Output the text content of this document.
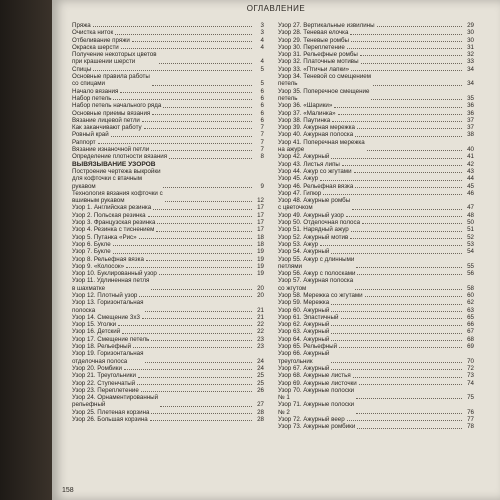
ОГЛАВЛЕНИЕ
Пряжа	3
Очистка ниток	3
Отбеливание пряжи	4
Окраска шерсти	4
Получение некоторых цветов
при крашении шерсти	4
Спицы	5
Основные правила работы
со спицами	5
Начало вязания	6
Набор петель	6
Набор петель начального ряда	6
Основные приемы вязания	6
Вязание лицевой петли	6
Как заканчивают работу	7
Ровный край	7
Раппорт	7
Вязание изнаночной петли	7
Определение плотности вязания	8
ВЫВЯЗЫВАНИЕ УЗОРОВ
Построение чертежа выкройки
для кофточки с втачным
рукавом	9
Технология вязания кофточки с
вшивным рукавом	12
Узор 1. Английская резинка	17
Узор 2. Польская резинка	17
Узор 3. Французская резинка	17
Узор 4. Резинка с тиснением	17
Узор 5. Путанка «Рис»	18
Узор 6. Букле	18
Узор 7. Букле	19
Узор 8. Рельефная вязка	19
Узор 9. «Колосок»	19
Узор 10. Буклированный узор	19
Узор 11. Удлиненная петля
в шахматке	20
Узор 12. Плотный узор	20
Узор 13. Горизонтальная
полоска	21
Узор 14. Смещение 3х3	21
Узор 15. Уголки	22
Узор 16. Детский	22
Узор 17. Смещение петель	23
Узор 18. Рельефный	23
Узор 19. Горизонтальная
отделочная полоса	24
Узор 20. Ромбики	24
Узор 21. Треугольники	25
Узор 22. Ступенчатый	25
Узор 23. Переплетение	26
Узор 24. Орнаментированный
рельефный	27
Узор 25. Плетеная корзина	28
Узор 26. Большая корзина	28
Узор 27. Вертикальные извилины	29
Узор 28. Теневая елочка	30
Узор 29. Теневые ромбы	30
Узор 30. Переплетение	31
Узор 31. Рельефные ромбы	32
Узор 32. Платочные мотивы	33
Узор 33. «Птичьи лапки»	34
Узор 34. Теневой со смещением
петель	34
Узор 35. Поперечное смещение
петель	35
Узор 36. «Шарики»	36
Узор 37. «Малинка»	36
Узор 38. Паутинка	37
Узор 39. Ажурная мережка	37
Узор 40. Ажурная полоска	38
Узор 41. Поперечная мережка
на ажуре	40
Узор 42. Ажурный	41
Узор 43. Листья липы	42
Узор 44. Ажур со жгутами	43
Узор 45. Ажур	44
Узор 46. Рельефная вязка	45
Узор 47. Гипюр	46
Узор 48. Ажурные ромбы
с цветочком	47
Узор 49. Ажурный узор	48
Узор 50. Отделочная полоса	50
Узор 51. Нарядный ажур	51
Узор 52. Ажурный мотив	52
Узор 53. Ажур	53
Узор 54. Ажурный	54
Узор 55. Ажур с длинными
петлями	55
Узор 56. Ажур с полосками	56
Узор 57. Ажурная полоска
со жгутом	58
Узор 58. Мережка со жгутами	60
Узор 59. Мережка	62
Узор 60. Ажурный	63
Узор 61. Эластичный	65
Узор 62. Ажурный	66
Узор 63. Ажурный	67
Узор 64. Ажурный	68
Узор 65. Рельефный	69
Узор 66. Ажурный
треугольник	70
Узор 67. Ажурный	72
Узор 68. Ажурные листья	73
Узор 69. Ажурные листочки	74
Узор 70. Ажурные полоски
№ 1	75
Узор 71. Ажурные полоски
№ 2	76
Узор 72. Ажурный веер	77
Узор 73. Ажурные ромбики	78
158
